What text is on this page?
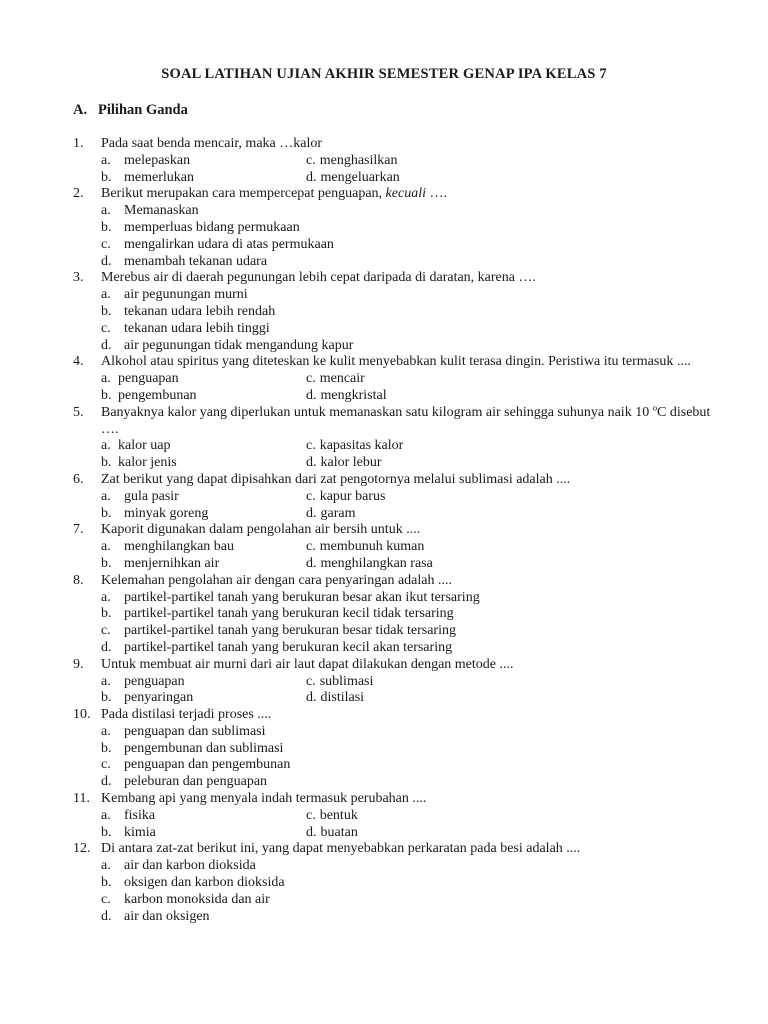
SOAL LATIHAN UJIAN AKHIR SEMESTER GENAP IPA KELAS 7
A. Pilihan Ganda
1. Pada saat benda mencair, maka …kalor
a. melepaskan	c. menghasilkan
b. memerlukan	d. mengeluarkan
2. Berikut merupakan cara mempercepat penguapan, kecuali ….
a. Memanaskan
b. memperluas bidang permukaan
c. mengalirkan udara di atas permukaan
d. menambah tekanan udara
3. Merebus air di daerah pegunungan lebih cepat daripada di daratan, karena ….
a. air pegunungan murni
b. tekanan udara lebih rendah
c. tekanan udara lebih tinggi
d. air pegunungan tidak mengandung kapur
4. Alkohol atau spiritus yang diteteskan ke kulit menyebabkan kulit terasa dingin. Peristiwa itu termasuk ....
a. penguapan	c. mencair
b. pengembunan	d. mengkristal
5. Banyaknya kalor yang diperlukan untuk memanaskan satu kilogram air sehingga suhunya naik 10 ºC disebut ….
a. kalor uap	c. kapasitas kalor
b. kalor jenis	d. kalor lebur
6. Zat berikut yang dapat dipisahkan dari zat pengotornya melalui sublimasi adalah ....
a. gula pasir	c. kapur barus
b. minyak goreng	d. garam
7. Kaporit digunakan dalam pengolahan air bersih untuk ....
a. menghilangkan bau	c. membunuh kuman
b. menjernihkan air	d. menghilangkan rasa
8. Kelemahan pengolahan air dengan cara penyaringan adalah ....
a. partikel-partikel tanah yang berukuran besar akan ikut tersaring
b. partikel-partikel tanah yang berukuran kecil tidak tersaring
c. partikel-partikel tanah yang berukuran besar tidak tersaring
d. partikel-partikel tanah yang berukuran kecil akan tersaring
9. Untuk membuat air murni dari air laut dapat dilakukan dengan metode ....
a. penguapan	c. sublimasi
b. penyaringan	d. distilasi
10. Pada distilasi terjadi proses ....
a. penguapan dan sublimasi
b. pengembunan dan sublimasi
c. penguapan dan pengembunan
d. peleburan dan penguapan
11. Kembang api yang menyala indah termasuk perubahan ....
a. fisika	c. bentuk
b. kimia	d. buatan
12. Di antara zat-zat berikut ini, yang dapat menyebabkan perkaratan pada besi adalah ....
a. air dan karbon dioksida
b. oksigen dan karbon dioksida
c. karbon monoksida dan air
d. air dan oksigen
